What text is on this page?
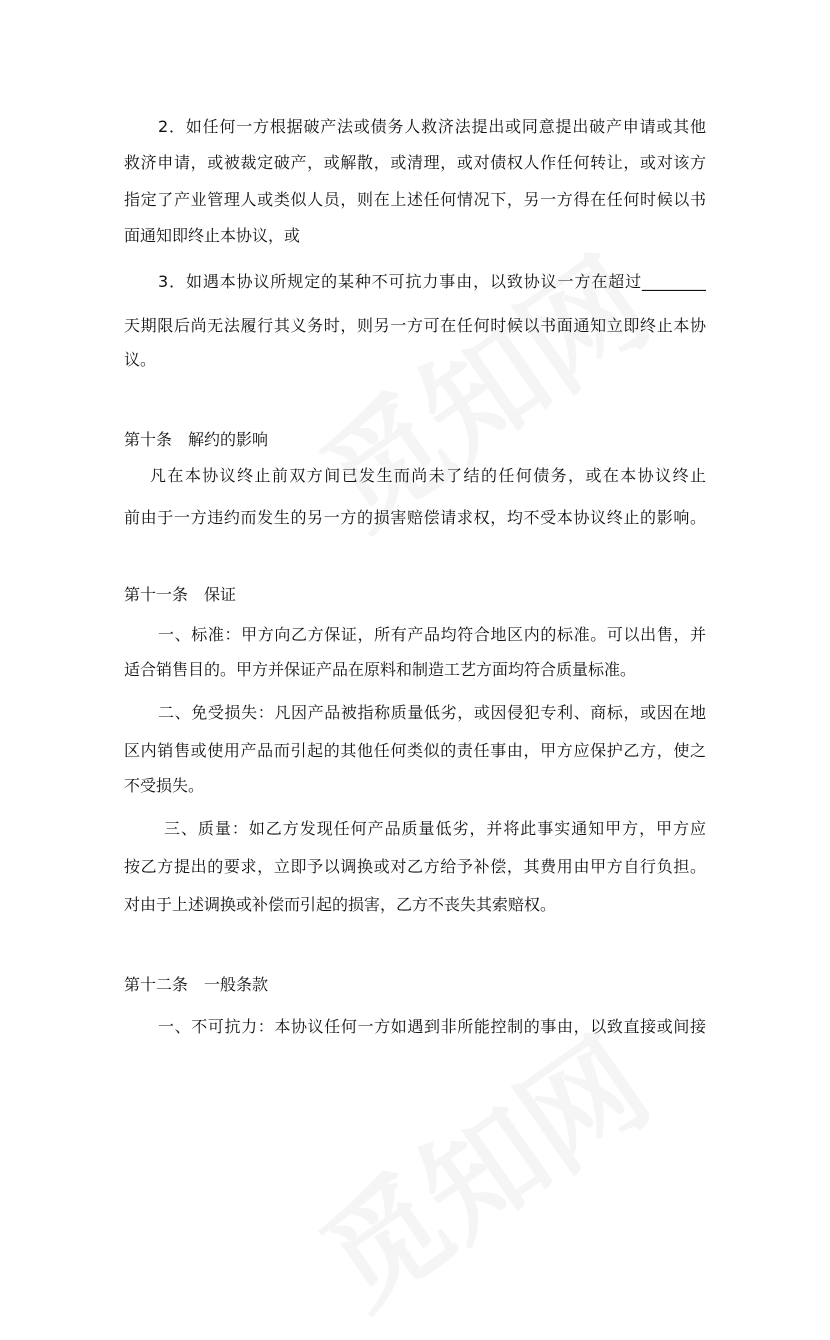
2．如任何一方根据破产法或债务人救济法提出或同意提出破产申请或其他
救济申请，或被裁定破产，或解散，或清理，或对债权人作任何转让，或对该方
指定了产业管理人或类似人员，则在上述任何情况下，另一方得在任何时候以书
面通知即终止本协议，或
3．如遇本协议所规定的某种不可抗力事由，以致协议一方在超过________
天期限后尚无法履行其义务时，则另一方可在任何时候以书面通知立即终止本协
议。
第十条　解约的影响
凡在本协议终止前双方间已发生而尚未了结的任何债务，或在本协议终止
前由于一方违约而发生的另一方的损害赔偿请求权，均不受本协议终止的影响。
第十一条　保证
一、标准：甲方向乙方保证，所有产品均符合地区内的标准。可以出售，并
适合销售目的。甲方并保证产品在原料和制造工艺方面均符合质量标准。
二、免受损失：凡因产品被指称质量低劣，或因侵犯专利、商标，或因在地
区内销售或使用产品而引起的其他任何类似的责任事由，甲方应保护乙方，使之
不受损失。
三、质量：如乙方发现任何产品质量低劣，并将此事实通知甲方，甲方应
按乙方提出的要求，立即予以调换或对乙方给予补偿，其费用由甲方自行负担。
对由于上述调换或补偿而引起的损害，乙方不丧失其索赔权。
第十二条　一般条款
一、不可抗力：本协议任何一方如遇到非所能控制的事由，以致直接或间接
